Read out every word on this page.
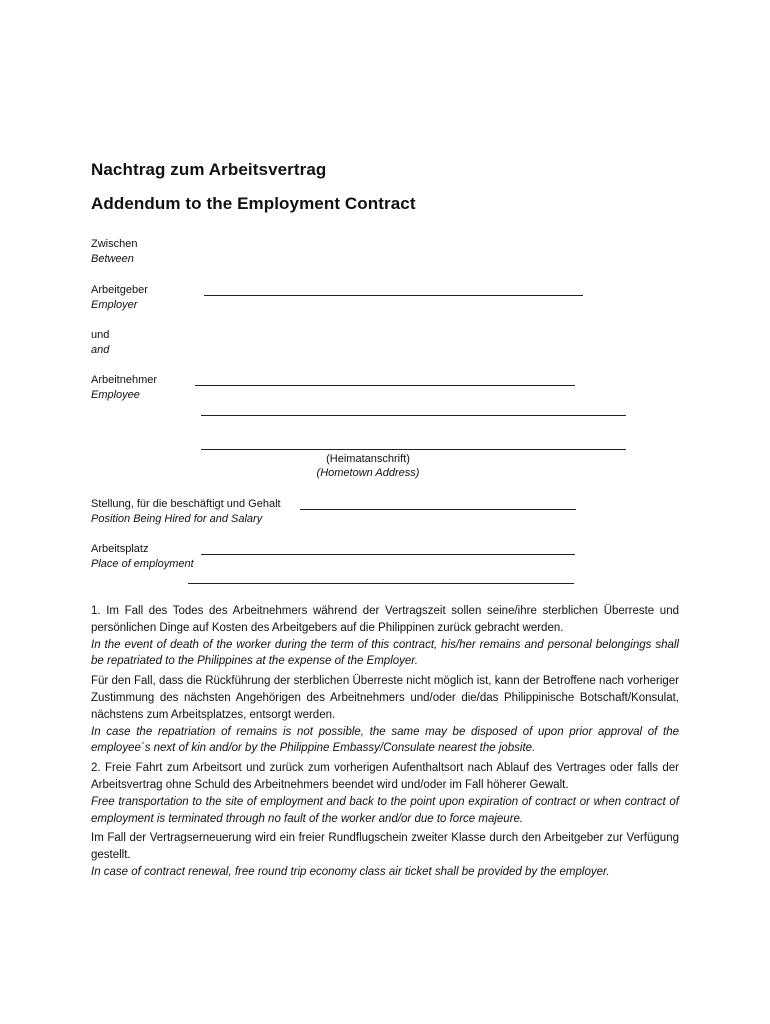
Nachtrag zum Arbeitsvertrag
Addendum to the Employment Contract
Zwischen
Between
Arbeitgeber
Employer
und
and
Arbeitnehmer
Employee
(Heimatanschrift)
(Hometown Address)
Stellung, für die beschäftigt und Gehalt
Position Being Hired for and Salary
Arbeitsplatz
Place of employment

1. Im Fall des Todes des Arbeitnehmers während der Vertragszeit sollen seine/ihre sterblichen Überreste und persönlichen Dinge auf Kosten des Arbeitgebers auf die Philippinen zurück gebracht werden.

In the event of death of the worker during the term of this contract, his/her remains and personal belongings shall be repatriated to the Philippines at the expense of the Employer.

Für den Fall, dass die Rückführung der sterblichen Überreste nicht möglich ist, kann der Betroffene nach vorheriger Zustimmung des nächsten Angehörigen des Arbeitnehmers und/oder die/das Philippinische Botschaft/Konsulat, nächstens zum Arbeitsplatzes, entsorgt werden.

In case the repatriation of remains is not possible, the same may be disposed of upon prior approval of the employee´s next of kin and/or by the Philippine Embassy/Consulate nearest the jobsite.

2. Freie Fahrt zum Arbeitsort und zurück zum vorherigen Aufenthaltsort nach Ablauf des Vertrages oder falls der Arbeitsvertrag ohne Schuld des Arbeitnehmers beendet wird und/oder im Fall höherer Gewalt.

Free transportation to the site of employment and back to the point upon expiration of contract or when contract of employment is terminated through no fault of the worker and/or due to force majeure.

Im Fall der Vertragserneuerung wird ein freier Rundflugschein zweiter Klasse durch den Arbeitgeber zur Verfügung gestellt.

In case of contract renewal, free round trip economy class air ticket shall be provided by the employer.
